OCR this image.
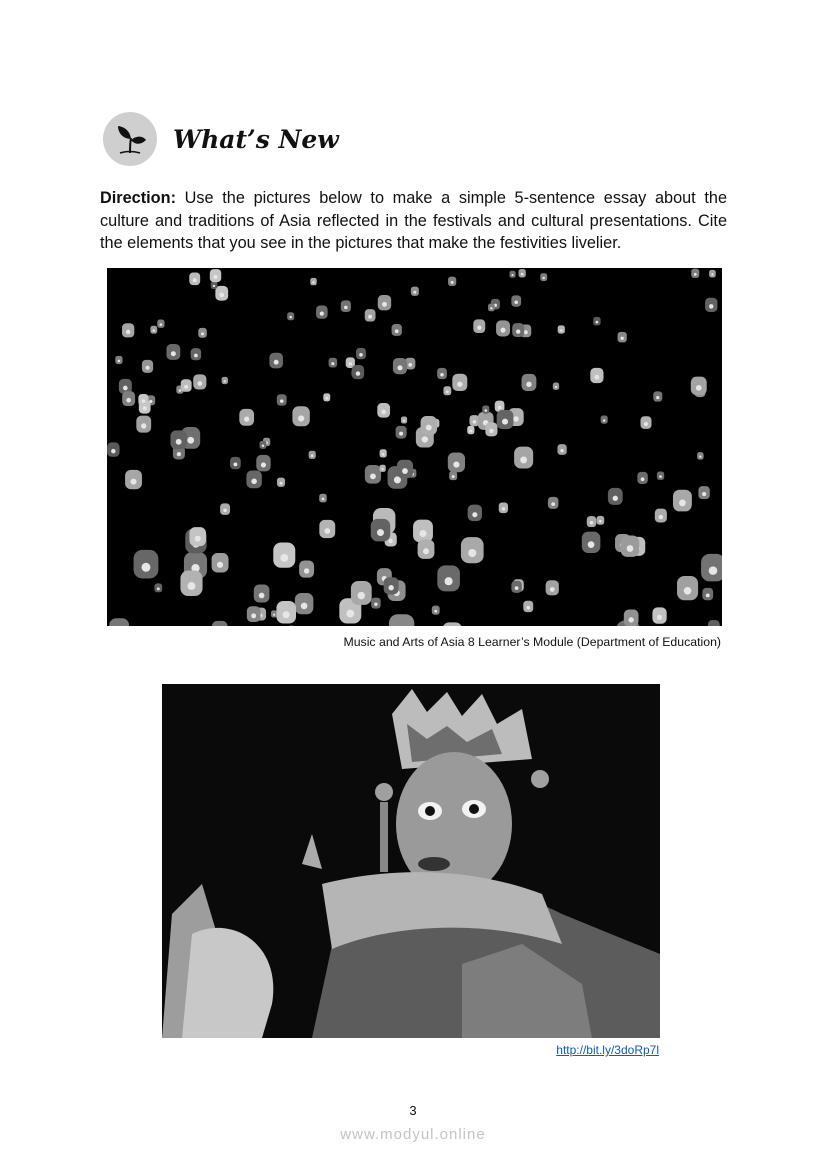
What’s New

Direction: Use the pictures below to make a simple 5-sentence essay about the culture and traditions of Asia reflected in the festivals and cultural presentations. Cite the elements that you see in the pictures that make the festivities livelier.

Music and Arts of Asia 8 Learner’s Module (Department of Education)
http://bit.ly/3doRp7l
3
www.modyul.online
